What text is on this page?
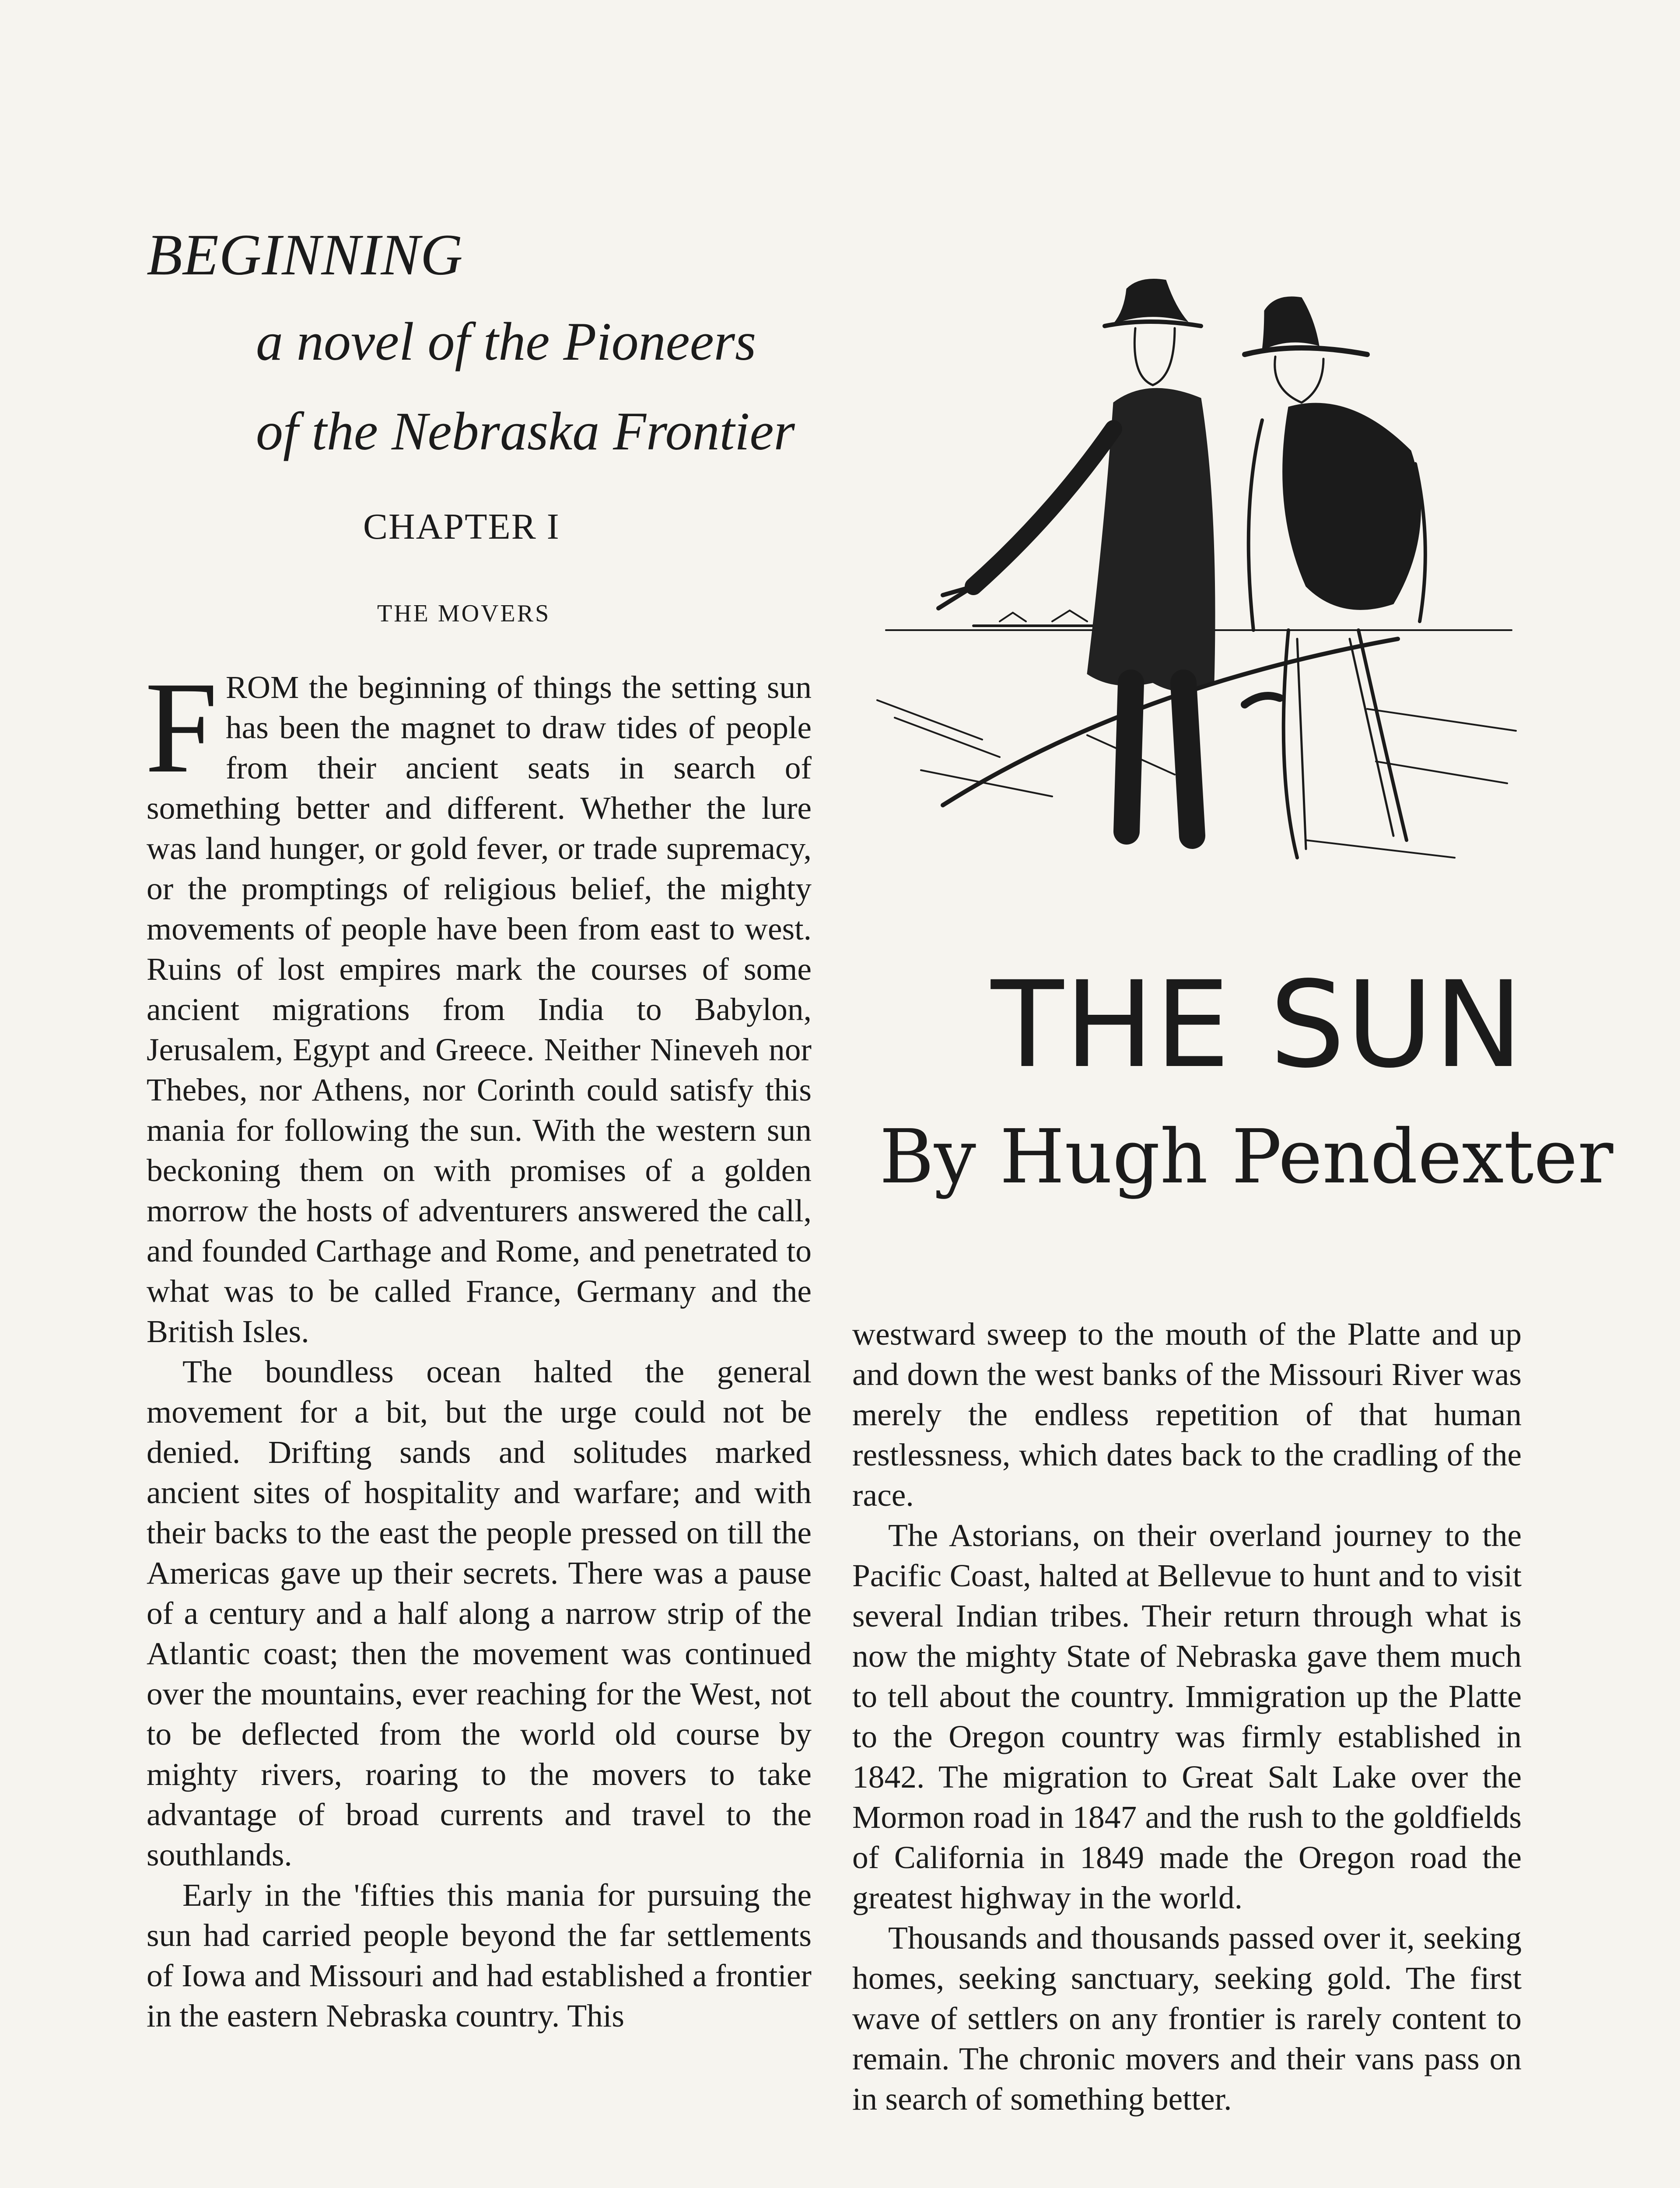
BEGINNING
a novel of the Pioneers
of the Nebraska Frontier
CHAPTER I
THE MOVERS
THE SUN
By Hugh Pendexter

FROM the beginning of things the setting sun has been the magnet to draw tides of people from their ancient seats in search of something better and different. Whether the lure was land hunger, or gold fever, or trade supremacy, or the promptings of religious belief, the mighty movements of people have been from east to west. Ruins of lost empires mark the courses of some ancient migrations from India to Babylon, Jerusalem, Egypt and Greece. Neither Nineveh nor Thebes, nor Athens, nor Corinth could satisfy this mania for following the sun. With the western sun beckoning them on with promises of a golden morrow the hosts of adventurers answered the call, and founded Carthage and Rome, and penetrated to what was to be called France, Germany and the British Isles.

The boundless ocean halted the general movement for a bit, but the urge could not be denied. Drifting sands and solitudes marked ancient sites of hospitality and warfare; and with their backs to the east the people pressed on till the Americas gave up their secrets. There was a pause of a century and a half along a narrow strip of the Atlantic coast; then the movement was continued over the mountains, ever reaching for the West, not to be deflected from the world old course by mighty rivers, roaring to the movers to take advantage of broad currents and travel to the southlands.

Early in the 'fifties this mania for pursuing the sun had carried people beyond the far settlements of Iowa and Missouri and had established a frontier in the eastern Nebraska country. This

westward sweep to the mouth of the Platte and up and down the west banks of the Missouri River was merely the endless repetition of that human restlessness, which dates back to the cradling of the race.

The Astorians, on their overland journey to the Pacific Coast, halted at Bellevue to hunt and to visit several Indian tribes. Their return through what is now the mighty State of Nebraska gave them much to tell about the country. Immigration up the Platte to the Oregon country was firmly established in 1842. The migration to Great Salt Lake over the Mormon road in 1847 and the rush to the goldfields of California in 1849 made the Oregon road the greatest highway in the world.

Thousands and thousands passed over it, seeking homes, seeking sanctuary, seeking gold. The first wave of settlers on any frontier is rarely content to remain. The chronic movers and their vans pass on in search of something better.
